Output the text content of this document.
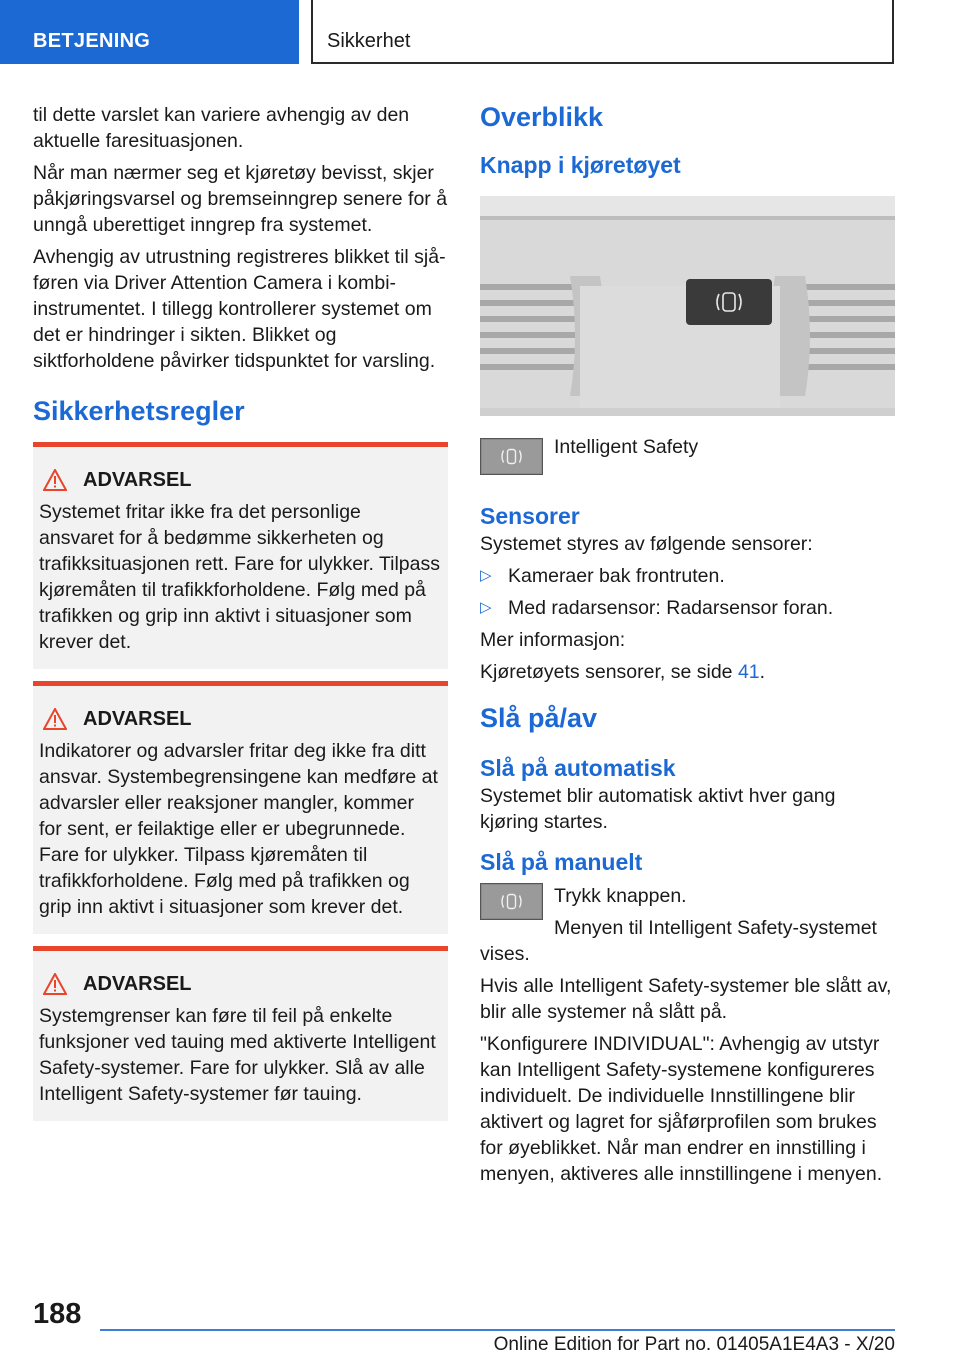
BETJENING	Sikkerhet

til dette varslet kan variere avhengig av den aktuelle faresituasjonen.

Når man nærmer seg et kjøretøy bevisst, skjer påkjøringsvarsel og bremseinngrep senere for å unngå uberettiget inngrep fra systemet.

Avhengig av utrustning registreres blikket til sjåføren via Driver Attention Camera i kombi-instrumentet. I tillegg kontrollerer systemet om det er hindringer i sikten. Blikket og siktforholdene påvirker tidspunktet for varsling.

Sikkerhetsregler
ADVARSEL

Systemet fritar ikke fra det personlige ansvaret for å bedømme sikkerheten og trafikksituasjonen rett. Fare for ulykker. Tilpass kjøremåten til trafikkforholdene. Følg med på trafikken og grip inn aktivt i situasjoner som krever det.

ADVARSEL

Indikatorer og advarsler fritar deg ikke fra ditt ansvar. Systembegrensingene kan medføre at advarsler eller reaksjoner mangler, kommer for sent, er feilaktige eller er ubegrunnede. Fare for ulykker. Tilpass kjøremåten til trafikkforholdene. Følg med på trafikken og grip inn aktivt i situasjoner som krever det.

ADVARSEL

Systemgrenser kan føre til feil på enkelte funksjoner ved tauing med aktiverte Intelligent Safety-systemer. Fare for ulykker. Slå av alle Intelligent Safety-systemer før tauing.

Overblikk
Knapp i kjøretøyet
Intelligent Safety
Sensorer

Systemet styres av følgende sensorer:

▷ Kameraer bak frontruten.
▷ Med radarsensor: Radarsensor foran.

Mer informasjon:

Kjøretøyets sensorer, se side 41.

Slå på/av
Slå på automatisk

Systemet blir automatisk aktivt hver gang kjøring startes.

Slå på manuelt

Trykk knappen.

Menyen til Intelligent Safety-systemet vises.

Hvis alle Intelligent Safety-systemer ble slått av, blir alle systemer nå slått på.

"Konfigurere INDIVIDUAL": Avhengig av utstyr kan Intelligent Safety-systemene konfigureres individuelt. De individuelle Innstillingene blir aktivert og lagret for sjåførprofilen som brukes for øyeblikket. Når man endrer en innstilling i menyen, aktiveres alle innstillingene i menyen.

188
Online Edition for Part no. 01405A1E4A3 - X/20
